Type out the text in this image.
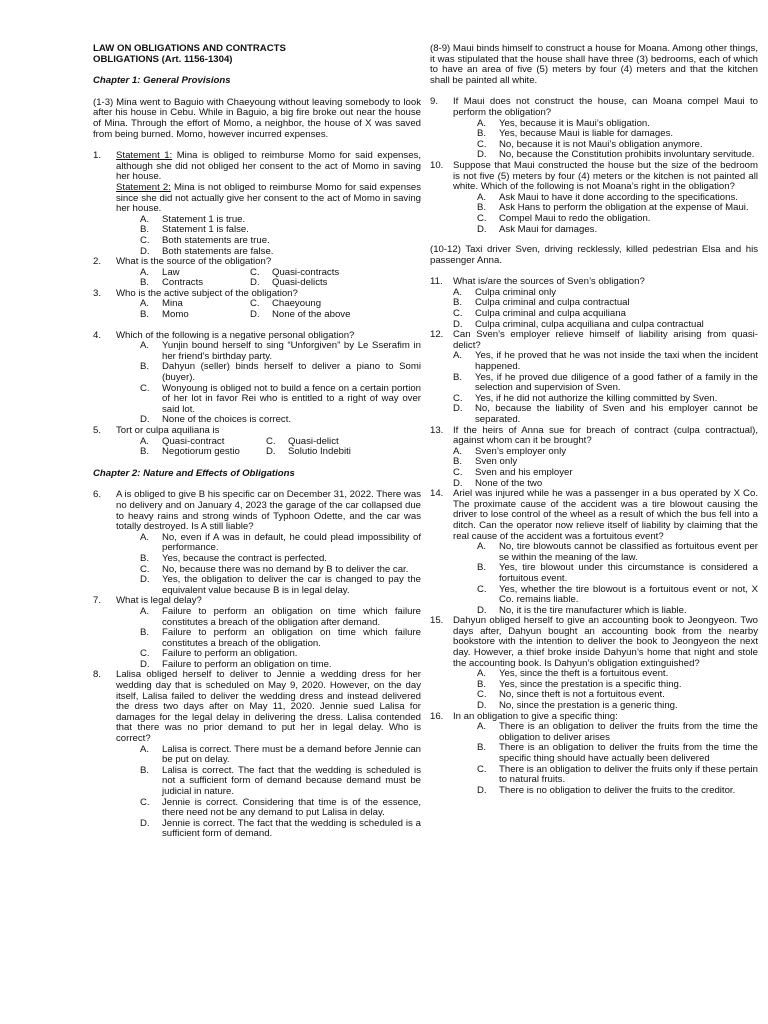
LAW ON OBLIGATIONS AND CONTRACTS
OBLIGATIONS (Art. 1156-1304)
Chapter 1: General Provisions
(1-3) Mina went to Baguio with Chaeyoung without leaving somebody to look after his house in Cebu. While in Baguio, a big fire broke out near the house of Mina. Through the effort of Momo, a neighbor, the house of X was saved from being burned. Momo, however incurred expenses.
1.	Statement 1: Mina is obliged to reimburse Momo for said expenses, although she did not obliged her consent to the act of Momo in saving her house.
Statement 2: Mina is not obliged to reimburse Momo for said expenses since she did not actually give her consent to the act of Momo in saving her house.
A.	Statement 1 is true.
B.	Statement 1 is false.
C.	Both statements are true.
D.	Both statements are false.
2.	What is the source of the obligation?
A.	Law	C.	Quasi-contracts
B.	Contracts	D.	Quasi-delicts
3.	Who is the active subject of the obligation?
A.	Mina	C.	Chaeyoung
B.	Momo	D.	None of the above
4.	Which of the following is a negative personal obligation?
A.	Yunjin bound herself to sing “Unforgiven” by Le Sserafim in her friend’s birthday party.
B.	Dahyun (seller) binds herself to deliver a piano to Somi (buyer).
C.	Wonyoung is obliged not to build a fence on a certain portion of her lot in favor Rei who is entitled to a right of way over said lot.
D.	None of the choices is correct.
5.	Tort or culpa aquiliana is
A.	Quasi-contract	C.	Quasi-delict
B.	Negotiorum gestio	D.	Solutio Indebiti
Chapter 2: Nature and Effects of Obligations
6.	A is obliged to give B his specific car on December 31, 2022. There was no delivery and on January 4, 2023 the garage of the car collapsed due to heavy rains and strong winds of Typhoon Odette, and the car was totally destroyed. Is A still liable?
A.	No, even if A was in default, he could plead impossibility of performance.
B.	Yes, because the contract is perfected.
C.	No, because there was no demand by B to deliver the car.
D.	Yes, the obligation to deliver the car is changed to pay the equivalent value because B is in legal delay.
7.	What is legal delay?
A.	Failure to perform an obligation on time which failure constitutes a breach of the obligation after demand.
B.	Failure to perform an obligation on time which failure constitutes a breach of the obligation.
C.	Failure to perform an obligation.
D.	Failure to perform an obligation on time.
8.	Lalisa obliged herself to deliver to Jennie a wedding dress for her wedding day that is scheduled on May 9, 2020. However, on the day itself, Lalisa failed to deliver the wedding dress and instead delivered the dress two days after on May 11, 2020. Jennie sued Lalisa for damages for the legal delay in delivering the dress. Lalisa contended that there was no prior demand to put her in legal delay. Who is correct?
A.	Lalisa is correct. There must be a demand before Jennie can be put on delay.
B.	Lalisa is correct. The fact that the wedding is scheduled is not a sufficient form of demand because demand must be judicial in nature.
C.	Jennie is correct. Considering that time is of the essence, there need not be any demand to put Lalisa in delay.
D.	Jennie is correct. The fact that the wedding is scheduled is a sufficient form of demand.
(8-9) Maui binds himself to construct a house for Moana. Among other things, it was stipulated that the house shall have three (3) bedrooms, each of which to have an area of five (5) meters by four (4) meters and that the kitchen shall be painted all white.
9.	If Maui does not construct the house, can Moana compel Maui to perform the obligation?
A.	Yes, because it is Maui’s obligation.
B.	Yes, because Maui is liable for damages.
C.	No, because it is not Maui’s obligation anymore.
D.	No, because the Constitution prohibits involuntary servitude.
10.	Suppose that Maui constructed the house but the size of the bedroom is not five (5) meters by four (4) meters or the kitchen is not painted all white. Which of the following is not Moana’s right in the obligation?
A.	Ask Maui to have it done according to the specifications.
B.	Ask Hans to perform the obligation at the expense of Maui.
C.	Compel Maui to redo the obligation.
D.	Ask Maui for damages.
(10-12) Taxi driver Sven, driving recklessly, killed pedestrian Elsa and his passenger Anna.
11.	What is/are the sources of Sven’s obligation?
A.	Culpa criminal only
B.	Culpa criminal and culpa contractual
C.	Culpa criminal and culpa acquiliana
D.	Culpa criminal, culpa acquiliana and culpa contractual
12.	Can Sven’s employer relieve himself of liability arising from quasi-delict?
A.	Yes, if he proved that he was not inside the taxi when the incident happened.
B.	Yes, if he proved due diligence of a good father of a family in the selection and supervision of Sven.
C.	Yes, if he did not authorize the killing committed by Sven.
D.	No, because the liability of Sven and his employer cannot be separated.
13.	If the heirs of Anna sue for breach of contract (culpa contractual), against whom can it be brought?
A.	Sven’s employer only
B.	Sven only
C.	Sven and his employer
D.	None of the two
14.	Ariel was injured while he was a passenger in a bus operated by X Co. The proximate cause of the accident was a tire blowout causing the driver to lose control of the wheel as a result of which the bus fell into a ditch. Can the operator now relieve itself of liability by claiming that the real cause of the accident was a fortuitous event?
A.	No, tire blowouts cannot be classified as fortuitous event per se within the meaning of the law.
B.	Yes, tire blowout under this circumstance is considered a fortuitous event.
C.	Yes, whether the tire blowout is a fortuitous event or not, X Co. remains liable.
D.	No, it is the tire manufacturer which is liable.
15.	Dahyun obliged herself to give an accounting book to Jeongyeon. Two days after, Dahyun bought an accounting book from the nearby bookstore with the intention to deliver the book to Jeongyeon the next day. However, a thief broke inside Dahyun’s home that night and stole the accounting book. Is Dahyun’s obligation extinguished?
A.	Yes, since the theft is a fortuitous event.
B.	Yes, since the prestation is a specific thing.
C.	No, since theft is not a fortuitous event.
D.	No, since the prestation is a generic thing.
16.	In an obligation to give a specific thing:
A.	There is an obligation to deliver the fruits from the time the obligation to deliver arises
B.	There is an obligation to deliver the fruits from the time the specific thing should have actually been delivered
C.	There is an obligation to deliver the fruits only if these pertain to natural fruits.
D.	There is no obligation to deliver the fruits to the creditor.
